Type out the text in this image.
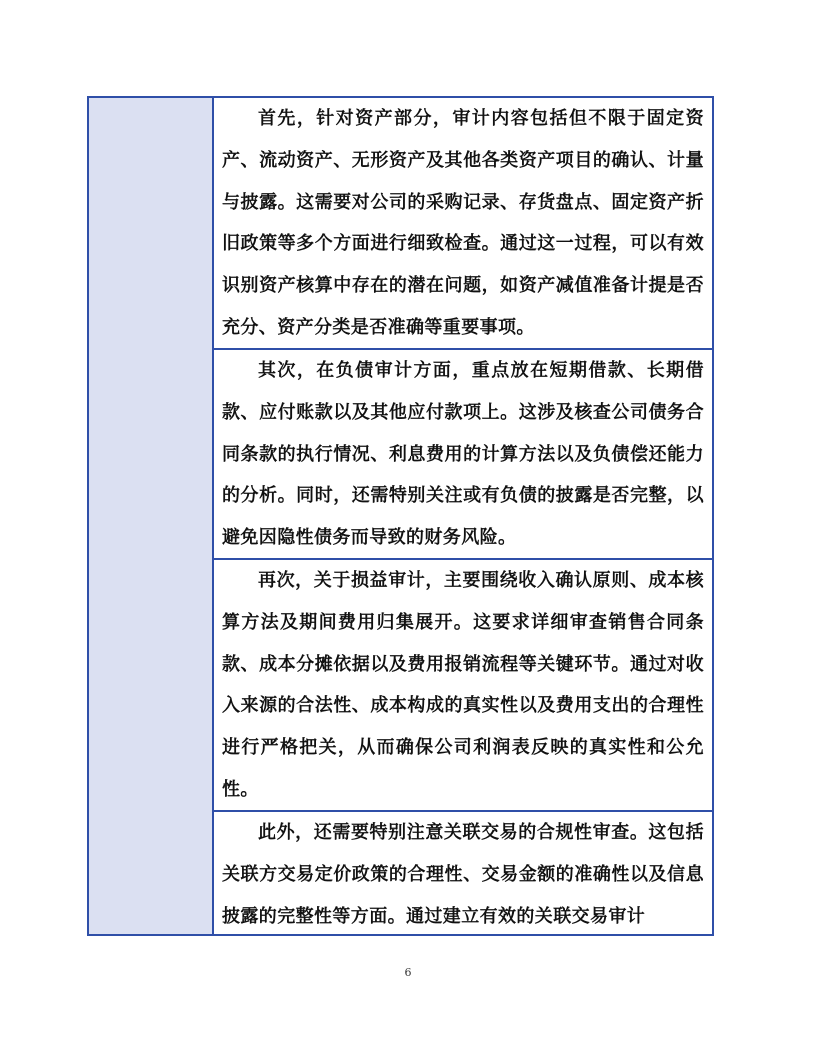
首先，针对资产部分，审计内容包括但不限于固定资产、流动资产、无形资产及其他各类资产项目的确认、计量与披露。这需要对公司的采购记录、存货盘点、固定资产折旧政策等多个方面进行细致检查。通过这一过程，可以有效识别资产核算中存在的潜在问题，如资产减值准备计提是否充分、资产分类是否准确等重要事项。

其次，在负债审计方面，重点放在短期借款、长期借款、应付账款以及其他应付款项上。这涉及核查公司债务合同条款的执行情况、利息费用的计算方法以及负债偿还能力的分析。同时，还需特别关注或有负债的披露是否完整，以避免因隐性债务而导致的财务风险。

再次，关于损益审计，主要围绕收入确认原则、成本核算方法及期间费用归集展开。这要求详细审查销售合同条款、成本分摊依据以及费用报销流程等关键环节。通过对收入来源的合法性、成本构成的真实性以及费用支出的合理性进行严格把关，从而确保公司利润表反映的真实性和公允性。

此外，还需要特别注意关联交易的合规性审查。这包括关联方交易定价政策的合理性、交易金额的准确性以及信息披露的完整性等方面。通过建立有效的关联交易审计

6
